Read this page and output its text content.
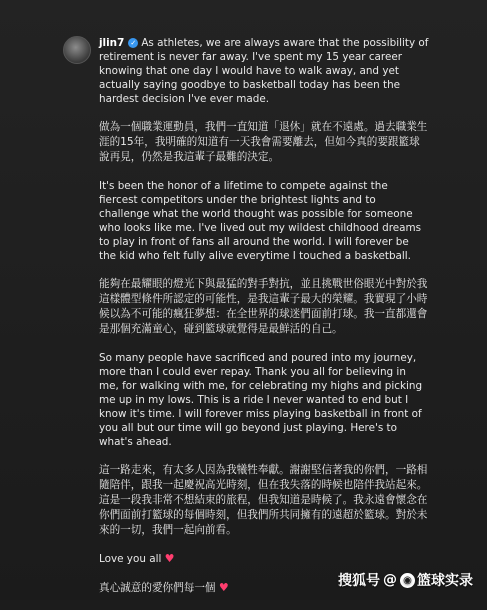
jlin7 ✓ As athletes, we are always aware that the possibility of retirement is never far away. I've spent my 15 year career knowing that one day I would have to walk away, and yet actually saying goodbye to basketball today has been the hardest decision I've ever made.

做為一個職業運動員，我們一直知道「退休」就在不遠處。過去職業生涯的15年，我明確的知道有一天我會需要離去，但如今真的要跟籃球說再見，仍然是我這輩子最難的決定。

It's been the honor of a lifetime to compete against the fiercest competitors under the brightest lights and to challenge what the world thought was possible for someone who looks like me. I've lived out my wildest childhood dreams to play in front of fans all around the world. I will forever be the kid who felt fully alive everytime I touched a basketball.

能夠在最耀眼的燈光下與最猛的對手對抗，並且挑戰世俗眼光中對於我這樣體型條件所認定的可能性，是我這輩子最大的榮耀。我實現了小時候以為不可能的瘋狂夢想：在全世界的球迷們面前打球。我一直都還會是那個充滿童心，碰到籃球就覺得是最鮮活的自己。

So many people have sacrificed and poured into my journey, more than I could ever repay. Thank you all for believing in me, for walking with me, for celebrating my highs and picking me up in my lows. This is a ride I never wanted to end but I know it's time. I will forever miss playing basketball in front of you all but our time will go beyond just playing. Here's to what's ahead.

這一路走來，有太多人因為我犧牲奉獻。謝謝堅信著我的你們，一路相隨陪伴，跟我一起慶祝高光時刻，但在我失落的時候也陪伴我站起來。這是一段我非常不想結束的旅程，但我知道是時候了。我永遠會懷念在你們面前打籃球的每個時刻，但我們所共同擁有的遠超於籃球。對於未來的一切，我們一起向前看。

Love you all ♥

真心誠意的愛你們每一個 ♥	搜狐号 @ ◉ 篮球实录
